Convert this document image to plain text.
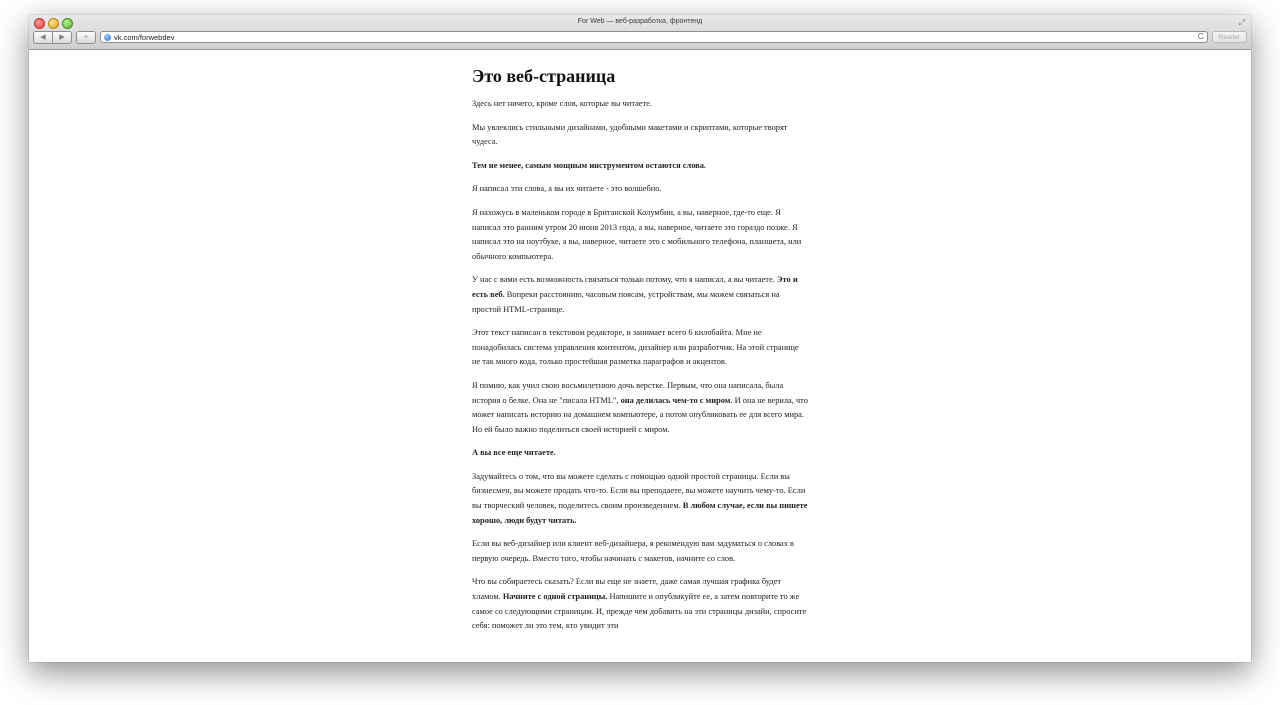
For Web — веб-разработка, фронтенд	⤢
◀	▶	+	vk.com/forwebdev	C	Reader
Это веб-страница

Здесь нет ничего, кроме слов, которые вы читаете.

Мы увлеклись стильными дизайнами, удобными макетами и скриптами, которые творят чудеса.

Тем не менее, самым мощным инструментом остаются слова.

Я написал эти слова, а вы их читаете - это волшебно.

Я нахожусь в маленьком городе в Британской Колумбии, а вы, наверное, где-то еще. Я написал это ранним утром 20 июня 2013 года, а вы, наверное, читаете это гораздо позже. Я написал это на ноутбуке, а вы, наверное, читаете это с мобильного телефона, планшета, или обычного компьютера.

У нас с вами есть возможность связаться только потому, что я написал, а вы читаете. Это и есть веб. Вопреки расстоянию, часовым поясам, устройствам, мы можем связаться на простой HTML-странице.

Этот текст написан в текстовом редакторе, и занимает всего 6 килобайта. Мне не понадобилась система управления контентом, дизайнер или разработчик. На этой странице не так много кода, только простейшая разметка параграфов и акцентов.

Я помню, как учил свою восьмилетнюю дочь верстке. Первым, что она написала, была история о белке. Она не "писала HTML", она делилась чем-то с миром. И она не верила, что может написать историю на домашнем компьютере, а потом опубликовать ее для всего мира. Но ей было важно поделиться своей историей с миром.

А вы все еще читаете.

Задумайтесь о том, что вы можете сделать с помощью одной простой страницы. Если вы бизнесмен, вы можете продать что-то. Если вы преподаете, вы можете научить чему-то. Если вы творческий человек, поделитесь своим произведением. В любом случае, если вы пишете хорошо, люди будут читать.

Если вы веб-дизайнер или клиент веб-дизайнера, я рекомендую вам задуматься о словах в первую очередь. Вместо того, чтобы начинать с макетов, начните со слов.

Что вы собираетесь сказать? Если вы еще не знаете, даже самая лучшая графика будет хламом. Начните с одной страницы. Напишите и опубликуйте ее, а затем повторите то же самое со следующими страницам. И, прежде чем добавить на эти страницы дизайн, спросите себя: поможет ли это тем, кто увидит эти
